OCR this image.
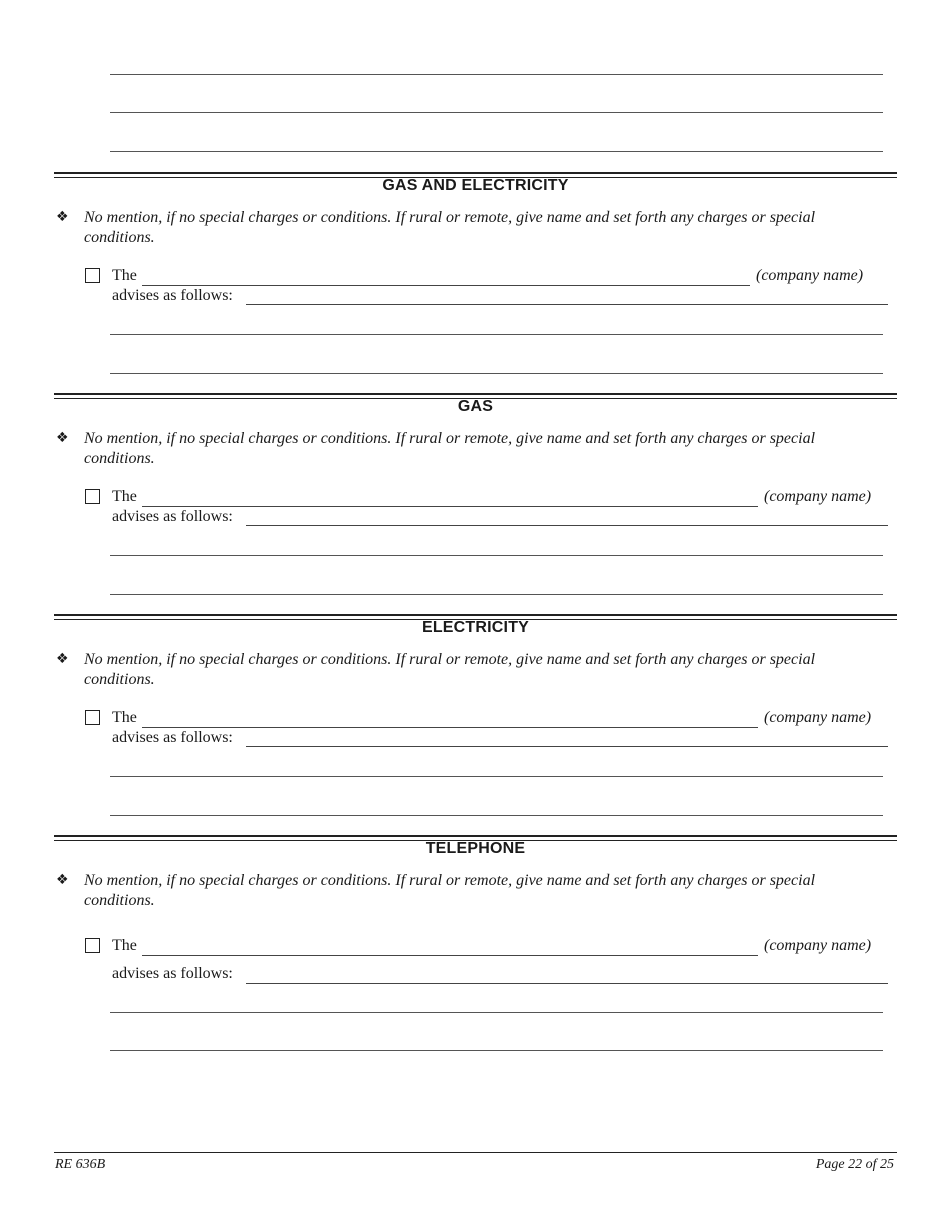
GAS AND ELECTRICITY
❖ No mention, if no special charges or conditions. If rural or remote, give name and set forth any charges or special conditions.
The	(company name)
advises as follows:
GAS
❖ No mention, if no special charges or conditions. If rural or remote, give name and set forth any charges or special conditions.
The	(company name)
advises as follows:
ELECTRICITY
❖ No mention, if no special charges or conditions. If rural or remote, give name and set forth any charges or special conditions.
The	(company name)
advises as follows:
TELEPHONE
❖ No mention, if no special charges or conditions. If rural or remote, give name and set forth any charges or special conditions.
The	(company name)
advises as follows:
RE 636B	Page 22 of 25
